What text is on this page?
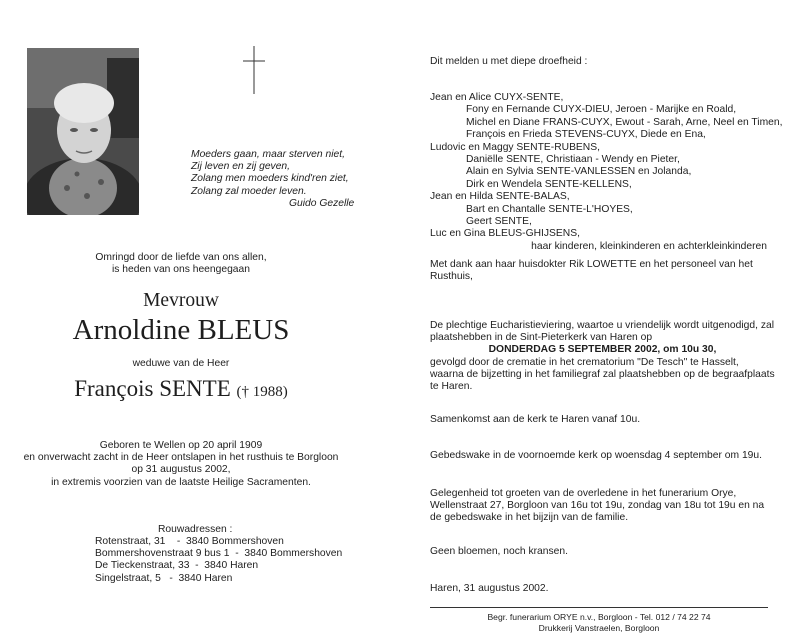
Moeders gaan, maar sterven niet,
Zij leven en zij geven,
Zolang men moeders kind'ren ziet,
Zolang zal moeder leven.
Guido Gezelle
Omringd door de liefde van ons allen,
is heden van ons heengegaan
Mevrouw
Arnoldine BLEUS
weduwe van de Heer
François SENTE († 1988)
Geboren te Wellen op 20 april 1909
en onverwacht zacht in de Heer ontslapen in het rusthuis te Borgloon
op 31 augustus 2002,
in extremis voorzien van de laatste Heilige Sacramenten.
Rouwadressen :
Rotenstraat, 31    -  3840 Bommershoven
Bommershovenstraat 9 bus 1  -  3840 Bommershoven
De Tieckenstraat, 33  -  3840 Haren
Singelstraat, 5   -  3840 Haren
Dit melden u met diepe droefheid :
Jean en Alice CUYX-SENTE,
Fony en Fernande CUYX-DIEU, Jeroen - Marijke en Roald,
Michel en Diane FRANS-CUYX, Ewout - Sarah, Arne, Neel en Timen,
François en Frieda STEVENS-CUYX, Diede en Ena,
Ludovic en Maggy SENTE-RUBENS,
Daniëlle SENTE, Christiaan - Wendy en Pieter,
Alain en Sylvia SENTE-VANLESSEN en Jolanda,
Dirk en Wendela SENTE-KELLENS,
Jean en Hilda SENTE-BALAS,
Bart en Chantalle SENTE-L'HOYES,
Geert SENTE,
Luc en Gina BLEUS-GHIJSENS,
haar kinderen, kleinkinderen en achterkleinkinderen
Met dank aan haar huisdokter Rik LOWETTE en het personeel van het Rusthuis,
De plechtige Eucharistieviering, waartoe u vriendelijk wordt uitgenodigd, zal plaatshebben in de Sint-Pieterkerk van Haren op
DONDERDAG 5 SEPTEMBER 2002, om 10u 30,
gevolgd door de crematie in het crematorium "De Tesch" te Hasselt, waarna de bijzetting in het familiegraf zal plaatshebben op de begraafplaats te Haren.
Samenkomst aan de kerk te Haren vanaf 10u.
Gebedswake in de voornoemde kerk op woensdag 4 september om 19u.
Gelegenheid tot groeten van de overledene in het funerarium Orye, Wellenstraat 27, Borgloon van 16u tot 19u, zondag van 18u tot 19u en na de gebedswake in het bijzijn van de familie.
Geen bloemen, noch kransen.
Haren, 31 augustus 2002.
Begr. funerarium ORYE n.v., Borgloon - Tel. 012 / 74 22 74
Drukkerij Vanstraelen, Borgloon
